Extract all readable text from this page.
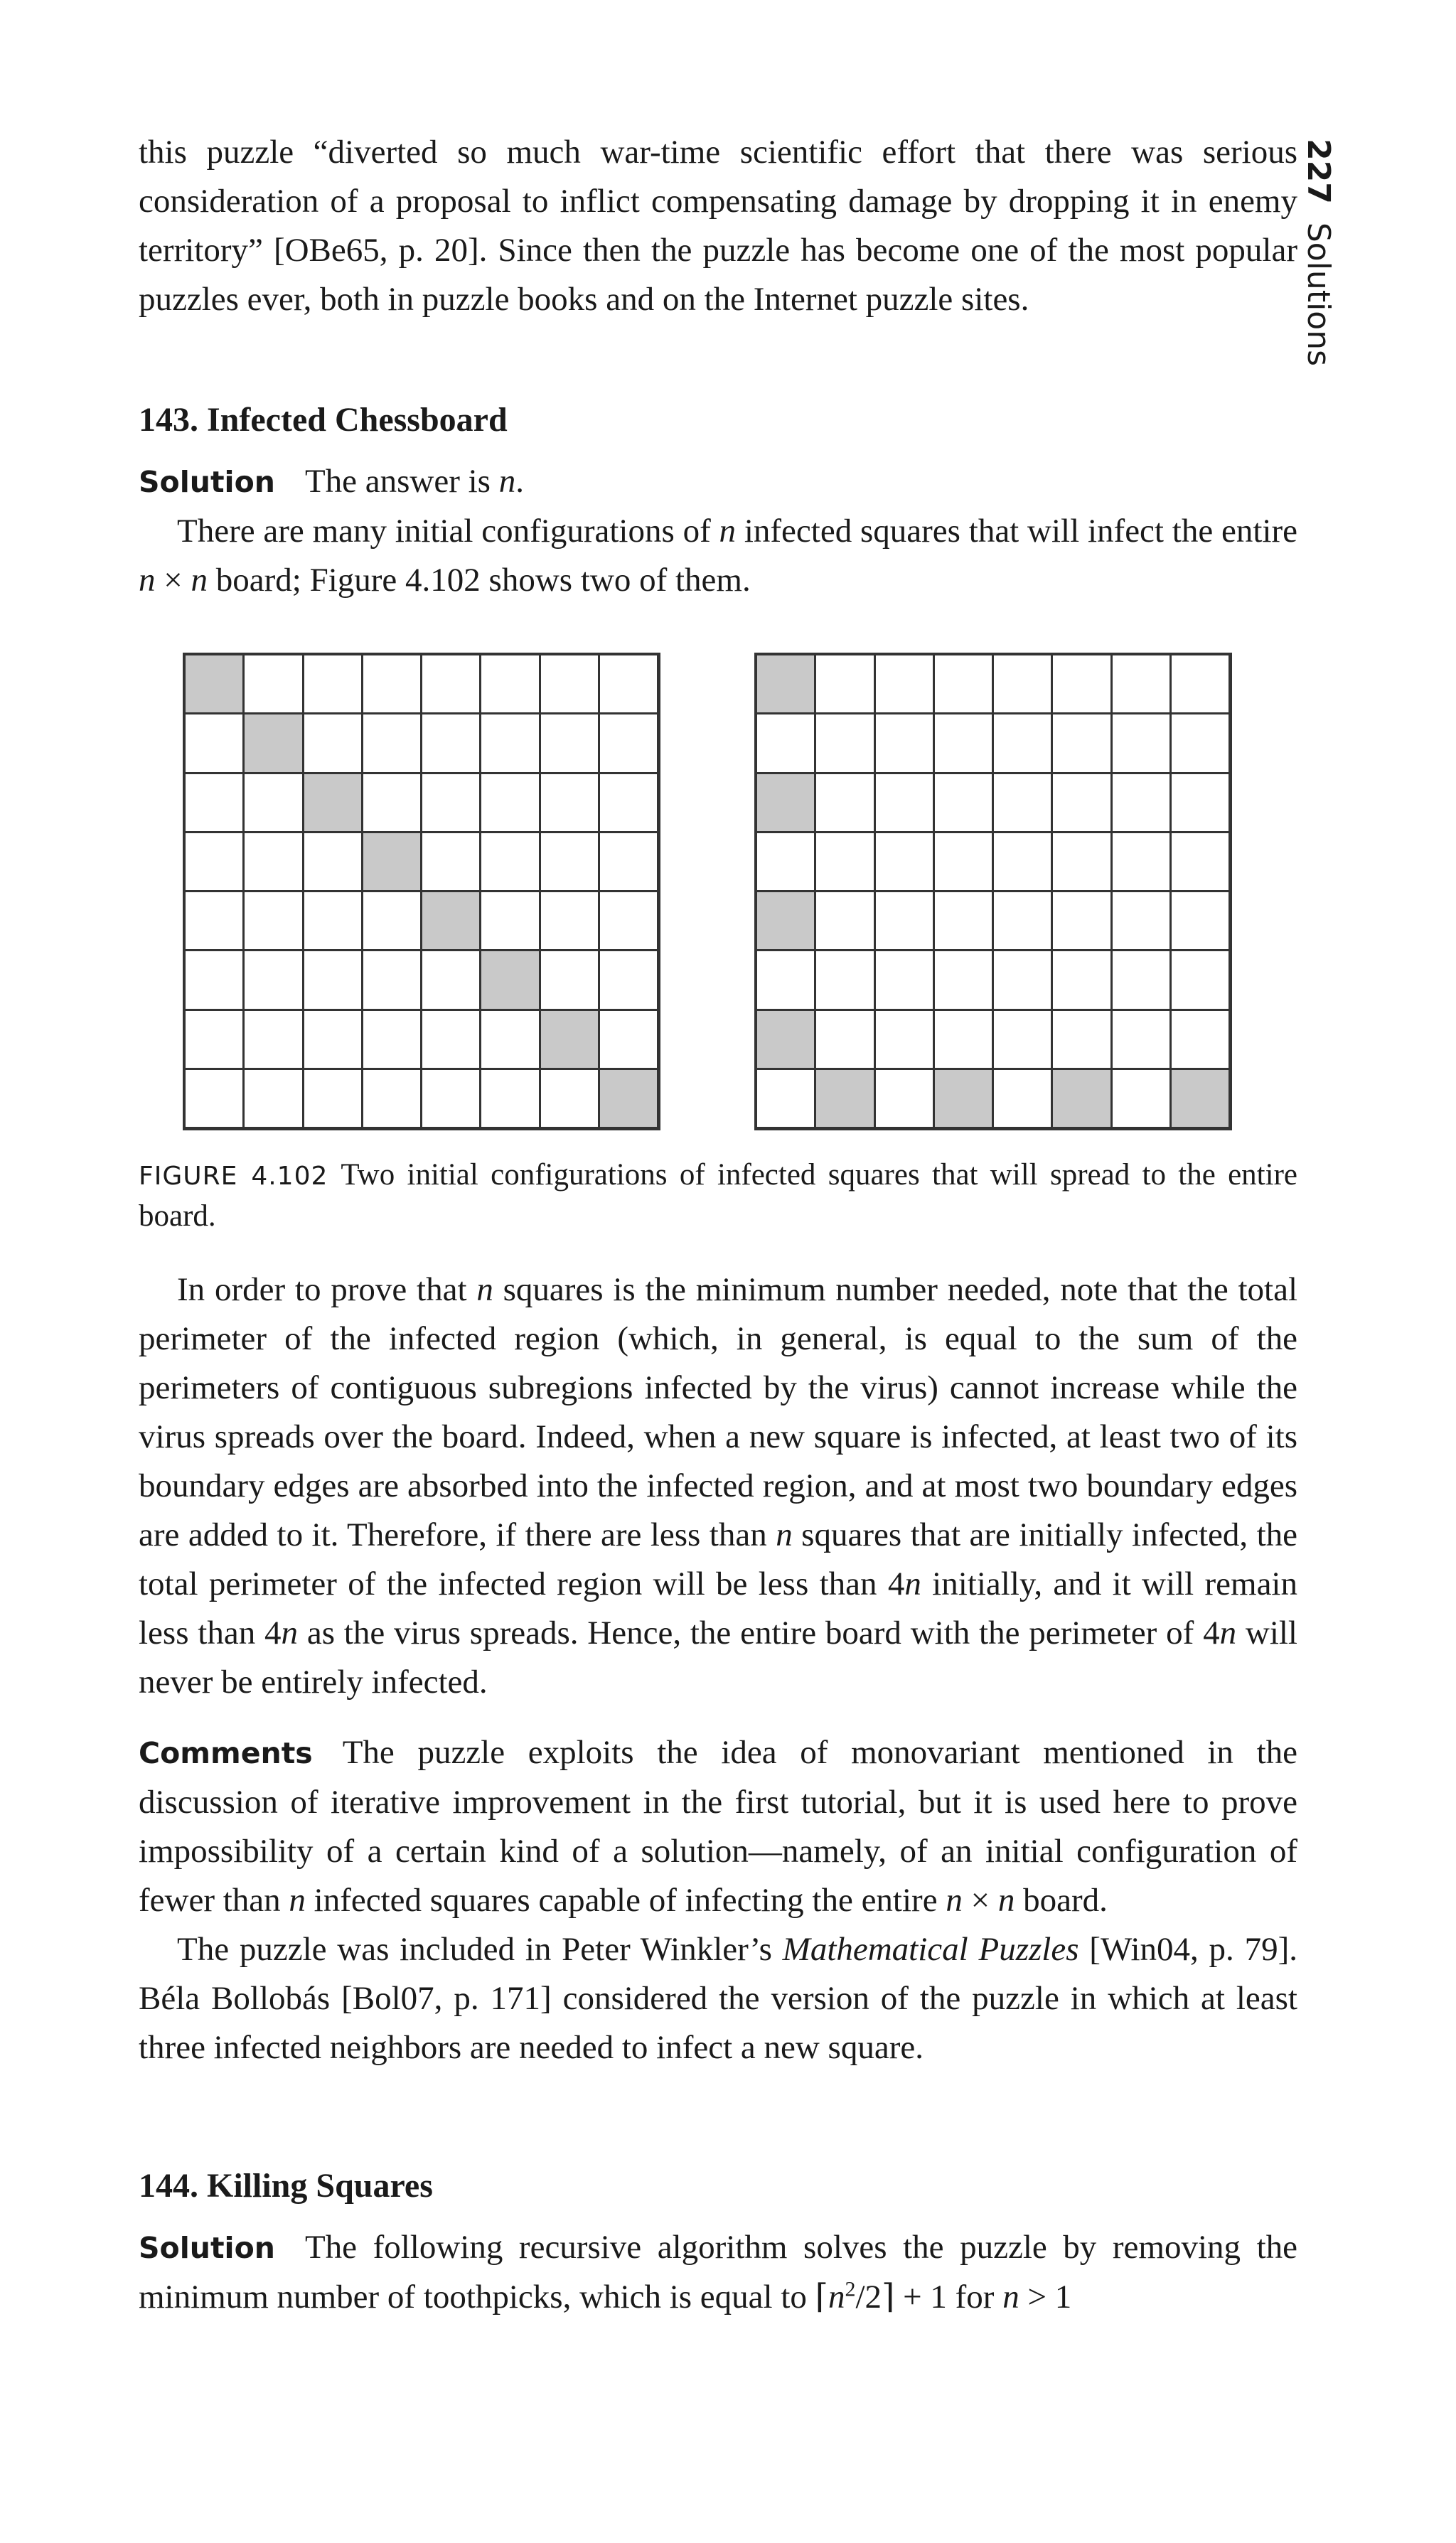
227Solutions

this puzzle “diverted so much war-time scientific effort that there was serious consideration of a proposal to inflict compensating damage by dropping it in enemy territory” [OBe65, p. 20]. Since then the puzzle has become one of the most popular puzzles ever, both in puzzle books and on the Internet puzzle sites.

143. Infected Chessboard

Solution The answer is n.

There are many initial configurations of n infected squares that will infect the entire n × n board; Figure 4.102 shows two of them.

FIGURE 4.102 Two initial configurations of infected squares that will spread to the entire board.

In order to prove that n squares is the minimum number needed, note that the total perimeter of the infected region (which, in general, is equal to the sum of the perimeters of contiguous subregions infected by the virus) cannot increase while the virus spreads over the board. Indeed, when a new square is infected, at least two of its boundary edges are absorbed into the infected region, and at most two boundary edges are added to it. Therefore, if there are less than n squares that are initially infected, the total perimeter of the infected region will be less than 4n initially, and it will remain less than 4n as the virus spreads. Hence, the entire board with the perimeter of 4n will never be entirely infected.

Comments The puzzle exploits the idea of monovariant mentioned in the discussion of iterative improvement in the first tutorial, but it is used here to prove impossibility of a certain kind of a solution—namely, of an initial configuration of fewer than n infected squares capable of infecting the entire n × n board.

The puzzle was included in Peter Winkler’s Mathematical Puzzles [Win04, p. 79]. Béla Bollobás [Bol07, p. 171] considered the version of the puzzle in which at least three infected neighbors are needed to infect a new square.

144. Killing Squares

Solution The following recursive algorithm solves the puzzle by removing the minimum number of toothpicks, which is equal to $⌈n^2/2⌉ + 1$ for n > 1
